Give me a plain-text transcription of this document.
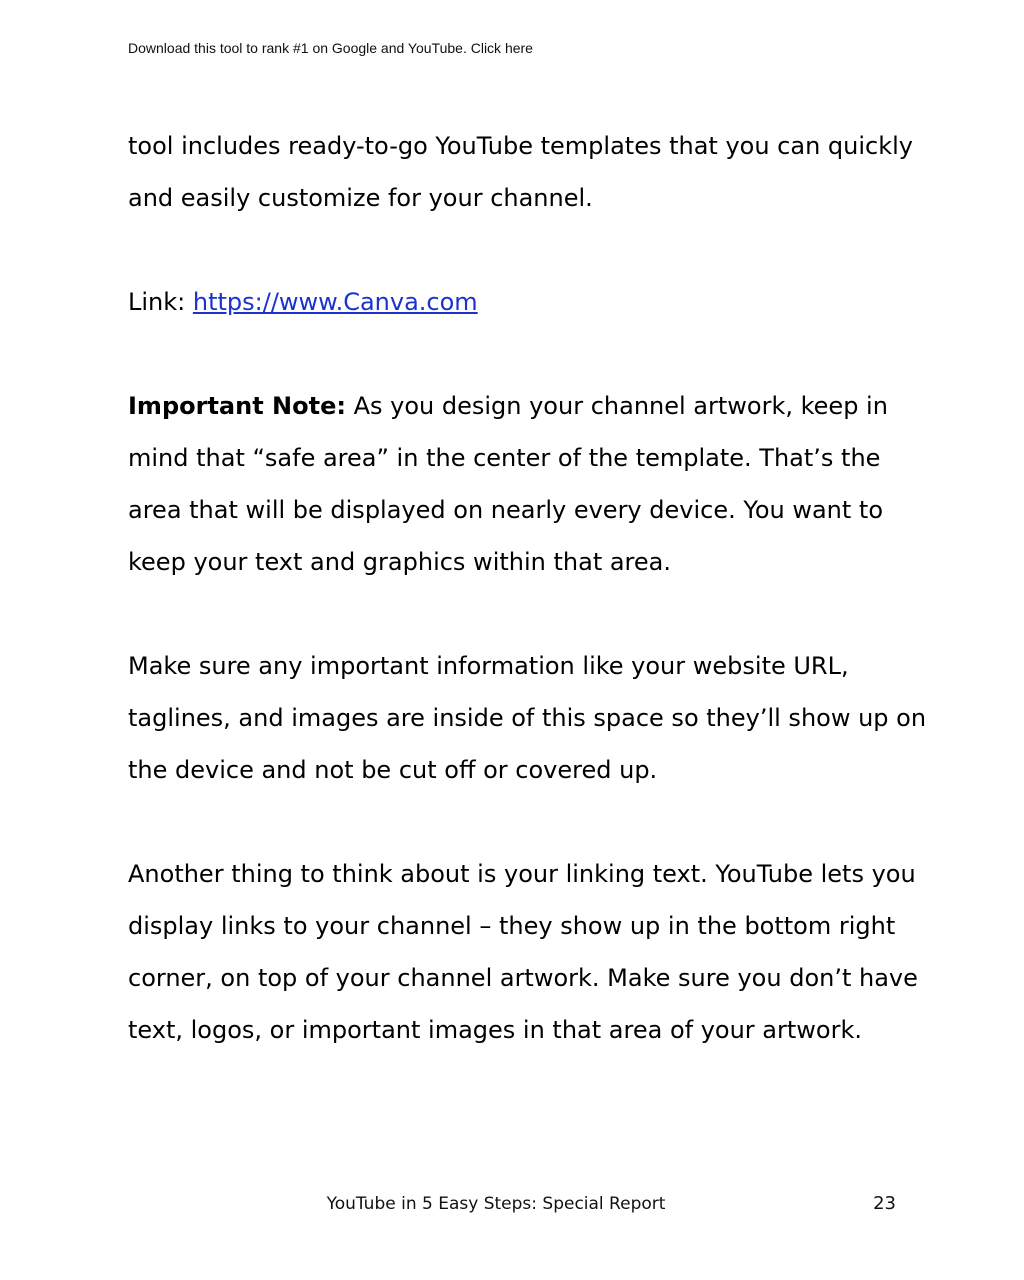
Download this tool to rank #1 on Google and YouTube. Click here

tool includes ready-to-go YouTube templates that you can quickly
and easily customize for your channel.

Link: https://www.Canva.com

Important Note: As you design your channel artwork, keep in
mind that “safe area” in the center of the template. That’s the
area that will be displayed on nearly every device. You want to
keep your text and graphics within that area.

Make sure any important information like your website URL,
taglines, and images are inside of this space so they’ll show up on
the device and not be cut off or covered up.

Another thing to think about is your linking text. YouTube lets you
display links to your channel – they show up in the bottom right
corner, on top of your channel artwork. Make sure you don’t have
text, logos, or important images in that area of your artwork.

YouTube in 5 Easy Steps: Special Report	23
